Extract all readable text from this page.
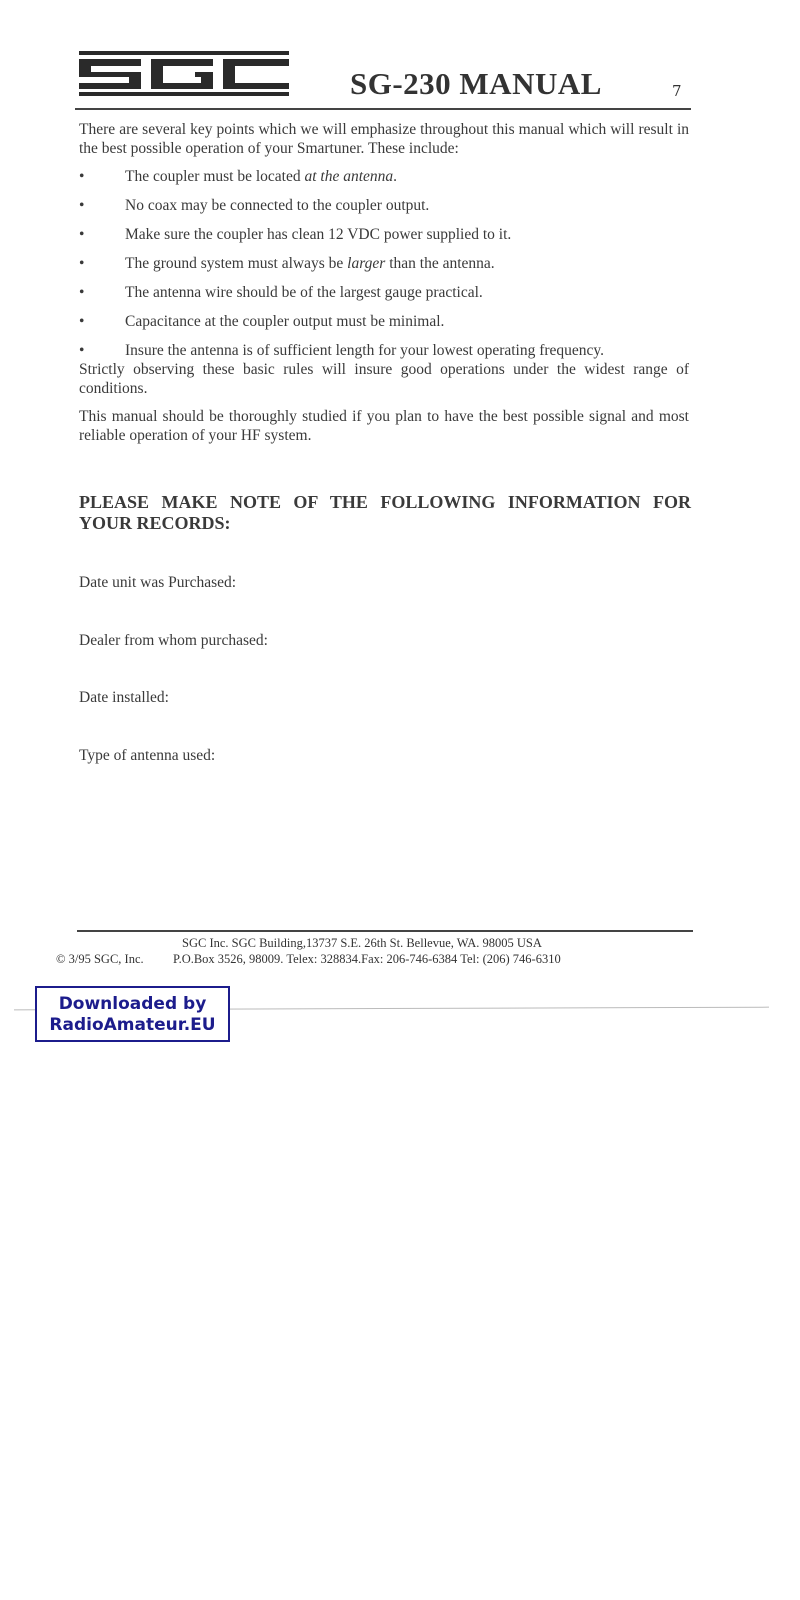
SG-230 MANUAL	7
There are several key points which we will emphasize throughout this manual which will result in the best possible operation of your Smartuner. These include:
•	The coupler must be located at the antenna.
•	No coax may be connected to the coupler output.
•	Make sure the coupler has clean 12 VDC power supplied to it.
•	The ground system must always be larger than the antenna.
•	The antenna wire should be of the largest gauge practical.
•	Capacitance at the coupler output must be minimal.
•	Insure the antenna is of sufficient length for your lowest operating frequency.
Strictly observing these basic rules will insure good operations under the widest range of conditions.
This manual should be thoroughly studied if you plan to have the best possible signal and most reliable operation of your HF system.
PLEASE MAKE NOTE OF THE FOLLOWING INFORMATION FOR YOUR RECORDS:
Date unit was Purchased:
Dealer from whom purchased:
Date installed:
Type of antenna used:
SGC Inc. SGC Building,13737 S.E. 26th St. Bellevue, WA. 98005 USA
© 3/95 SGC, Inc. P.O.Box 3526, 98009. Telex: 328834.Fax: 206-746-6384 Tel: (206) 746-6310
Downloaded by
RadioAmateur.EU
